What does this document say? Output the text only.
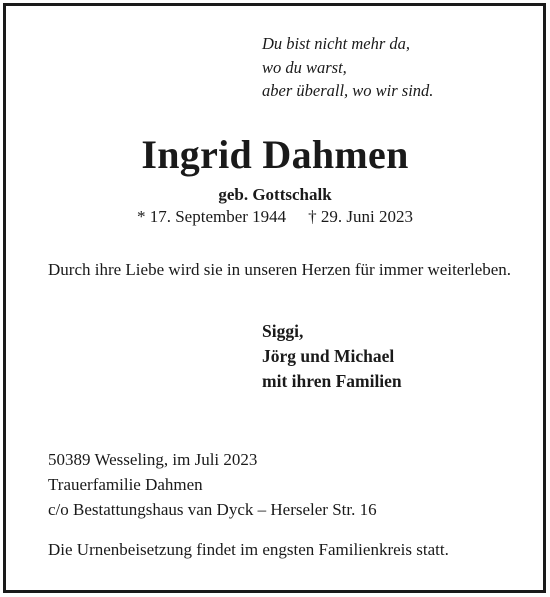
Du bist nicht mehr da,
wo du warst,
aber überall, wo wir sind.
Ingrid Dahmen
geb. Gottschalk
* 17. September 1944 † 29. Juni 2023
Durch ihre Liebe wird sie in unseren Herzen für immer weiterleben.
Siggi,
Jörg und Michael
mit ihren Familien
50389 Wesseling, im Juli 2023
Trauerfamilie Dahmen
c/o Bestattungshaus van Dyck – Herseler Str. 16
Die Urnenbeisetzung findet im engsten Familienkreis statt.
